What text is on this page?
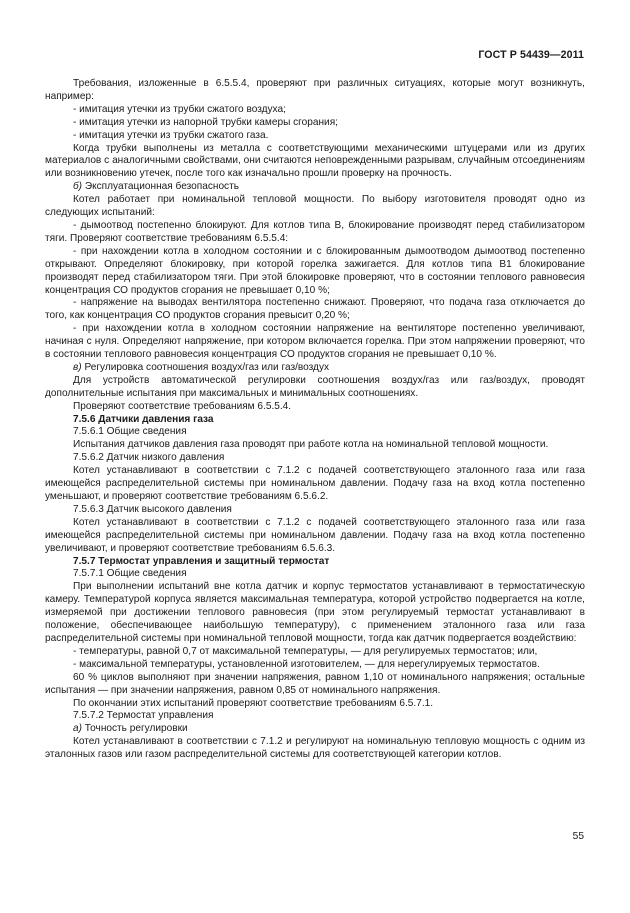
ГОСТ Р 54439—2011

Требования, изложенные в 6.5.5.4, проверяют при различных ситуациях, которые могут возникнуть, например:

- имитация утечки из трубки сжатого воздуха;

- имитация утечки из напорной трубки камеры сгорания;

- имитация утечки из трубки сжатого газа.

Когда трубки выполнены из металла с соответствующими механическими штуцерами или из других материалов с аналогичными свойствами, они считаются неповрежденными разрывам, случайным отсоединениям или возникновению утечек, после того как изначально прошли проверку на прочность.

б) Эксплуатационная безопасность

Котел работает при номинальной тепловой мощности. По выбору изготовителя проводят одно из следующих испытаний:

- дымоотвод постепенно блокируют. Для котлов типа В, блокирование производят перед стабилизатором тяги. Проверяют соответствие требованиям 6.5.5.4:

- при нахождении котла в холодном состоянии и с блокированным дымоотводом дымоотвод постепенно открывают. Определяют блокировку, при которой горелка зажигается. Для котлов типа В1 блокирование производят перед стабилизатором тяги. При этой блокировке проверяют, что в состоянии теплового равновесия концентрация СО продуктов сгорания не превышает 0,10 %;

- напряжение на выводах вентилятора постепенно снижают. Проверяют, что подача газа отключается до того, как концентрация СО продуктов сгорания превысит 0,20 %;

- при нахождении котла в холодном состоянии напряжение на вентиляторе постепенно увеличивают, начиная с нуля. Определяют напряжение, при котором включается горелка. При этом напряжении проверяют, что в состоянии теплового равновесия концентрация СО продуктов сгорания не превышает 0,10 %.

в) Регулировка соотношения воздух/газ или газ/воздух

Для устройств автоматической регулировки соотношения воздух/газ или газ/воздух, проводят дополнительные испытания при максимальных и минимальных соотношениях.

Проверяют соответствие требованиям 6.5.5.4.

7.5.6 Датчики давления газа

7.5.6.1 Общие сведения

Испытания датчиков давления газа проводят при работе котла на номинальной тепловой мощности.

7.5.6.2 Датчик низкого давления

Котел устанавливают в соответствии с 7.1.2 с подачей соответствующего эталонного газа или газа имеющейся распределительной системы при номинальном давлении. Подачу газа на вход котла постепенно уменьшают, и проверяют соответствие требованиям 6.5.6.2.

7.5.6.3 Датчик высокого давления

Котел устанавливают в соответствии с 7.1.2 с подачей соответствующего эталонного газа или газа имеющейся распределительной системы при номинальном давлении. Подачу газа на вход котла постепенно увеличивают, и проверяют соответствие требованиям 6.5.6.3.

7.5.7 Термостат управления и защитный термостат

7.5.7.1 Общие сведения

При выполнении испытаний вне котла датчик и корпус термостатов устанавливают в термостатическую камеру. Температурой корпуса является максимальная температура, которой устройство подвергается на котле, измеряемой при достижении теплового равновесия (при этом регулируемый термостат устанавливают в положение, обеспечивающее наибольшую температуру), с применением эталонного газа или газа распределительной системы при номинальной тепловой мощности, тогда как датчик подвергается воздействию:

- температуры, равной 0,7 от максимальной температуры, — для регулируемых термостатов; или,

- максимальной температуры, установленной изготовителем, — для нерегулируемых термостатов.

60 % циклов выполняют при значении напряжения, равном 1,10 от номинального напряжения; остальные испытания — при значении напряжения, равном 0,85 от номинального напряжения.

По окончании этих испытаний проверяют соответствие требованиям 6.5.7.1.

7.5.7.2 Термостат управления

а) Точность регулировки

Котел устанавливают в соответствии с 7.1.2 и регулируют на номинальную тепловую мощность с одним из эталонных газов или газом распределительной системы для соответствующей категории котлов.

55
